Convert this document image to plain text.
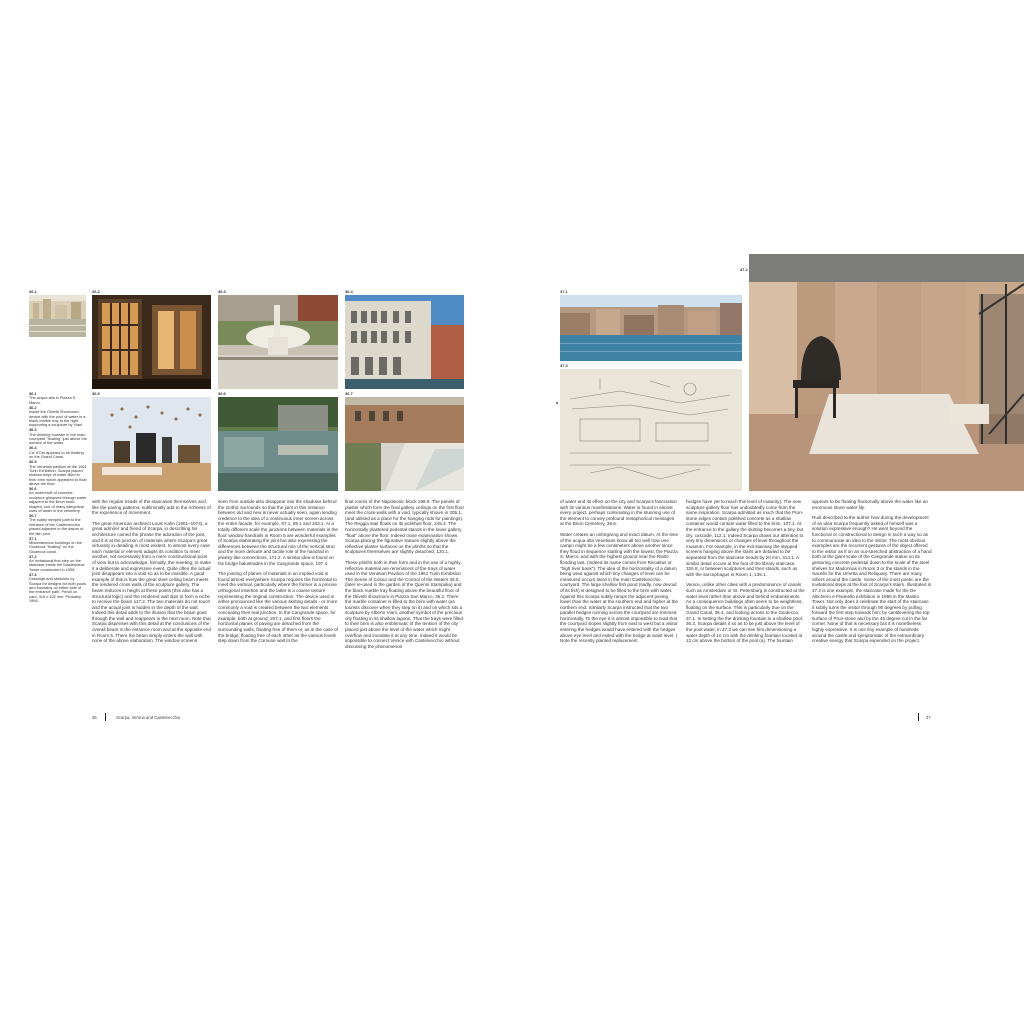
36.1	36.2	36.3	36.4
36.5	36.6	36.7
36.1
The acqua alta in Piazza S. Marco.
36.2
Inside the Olivetti Showroom: device with the pool of water in a black marble tray to the right supporting a sculpture by Viani.
36.3
The drinking fountain in the main courtyard "floating" just above the surface of the water.
36.4
Ca' d'Oro appears to be floating on the Grand Canal.
36.5
The Venetian pavilion at the 1961 Turin Exhibition. Scarpa placed shallow trays of water filled to their brim which appeared to float above the floor.
36.6
An undercroft of concrete sculpture glimpsed through water adjacent to the Brion tomb-shaped, one of many allegorical uses of water in the cemetery.
36.7
The subtly ramped path to the entrance of the Castelvecchio placed adjacent to the datum of the fish pool.
37.1
Miscellaneous buildings on the Giudecca "floating" on the Giudecca canal.
37.2
An invitational first step on the staircase inside the Masterpiece Tower constructed in 1958.
37.3
Drawings and sketches by Scarpa for designs for both pools and fountains on either side of the entrance path. Pencil on card, 316 x 432 mm. Probably 1964.

with the regular treads of the staircases themselves and, like the paving patterns, subliminally add to the richness of the experience of movement.

The great American architect Louis Kahn (1901–1974), a great admirer and friend of Scarpa, in describing his architecture coined the phrase the adoration of the joint, and it is at the junction of materials where Scarpa's great virtuosity in detailing is most evident. In almost every case each material or element adapts its condition to meet another, not necessarily from a mere constructional point of view but to acknowledge, formally, the meeting; to make it a deliberate and expressive event. Quite often the actual joint disappears into a void so as to be invisible. A good example of this is how the great steel ceiling beam meets the rendered cross walls of the sculpture gallery. The beam reduces in height at these points (this also has a structural logic) and the rendered wall dips to form a niche to receive the beam 117.2. The two materials do not touch and the actual joint is hidden in the depth of the wall. Indeed this detail adds to the illusion that the beam goes through the wall and reappears in the next room. Note that Scarpa dispenses with this detail at the conclusions of the overall beam in the entrance room and at the opposite end in Room 5. There the beam simply enters the wall with none of the above elaboration. The window screens

seen from outside also disappear into the shadows behind the Gothic surrounds so that the joint in this instance between old and new is never actually seen, again lending credence to the idea of a continuous inner screen across the entire facade, for example, 67.1, 69.1 and 163.1. At a totally different scale the junctions between materials in the floor window handrails in Room 5 are wonderful examples of Scarpa elaborating the joint but also expressing the differences between the structural role of the vertical strut and the more delicate and tactile role of the handrail in jewelry-like connections, 171.2. A similar idea is found on his bridge balustrades in the Cangrande space, 197.4.

The jointing of planes of materials in an implied void is found almost everywhere Scarpa requires the horizontal to meet the vertical, particularly where the former is a precise orthogonal insertion and the latter is a coarse texture representing the original construction. The device used is either pronounced like the various skirting details - or more commonly a void is created between the two elements concealing their real junction. In the Cangrande space, for example, both at ground, 207.1, and first floors the horizontal planes of paving are detached from the surrounding walls, floating free of them or, as in the case of the bridge, floating free of each other as the various levels step down from the Comune wall to the

final rooms of the Napoleonic block 199.5. The panels of plaster which form the final gallery ceilings on the first floor meet the cross-walls with a void, typically shown in 305.1, (and utilised as a place for the hanging rods for paintings). The Reggia stair floats on its polished floor, 245.3. The horizontally plastered pedestal stands in the lower gallery "float" above the floor. Indeed close examination shows Scarpa placing the figurative statues slightly above the reflective plaster surfaces on the plinths so that the sculptures themselves are slightly detached, 120.1.

These plinths both in their form and in the use of a highly reflective material are reminiscent of the trays of water used in the Venetian Pavilion of the 1961 Turin Exhibition The Sense of Colour and the Control of the Waters 36.5, (later re-used in the garden of the Querini Stampalia) and the black marble tray floating above the beautiful floor of the Olivetti showroom in Piazza San Marco, 36.2. There the marble container is filled to the brim with water (as tourists discover when they step on it) and on which sits a sculpture by Alberto Viani, another symbol of the precious city floating in its shallow lagoon. That the trays were filled to their brim is also emblematic of the tension of the city placed just above the level of the water which might overflow and inundate it at any time. Indeed it would be impossible to connect Venice with Castelvecchio without discussing the phenomenon

36	Scarpa, Verona and Castelvecchio
37.1
37.3
37.2

of water and its effect on the city and Scarpa's fascination with its various manifestations. Water is found in almost every project, perhaps culminating in the stunning use of the element to convey profound metaphorical messages at the Brion Cemetery, 36.6.

Water creates an unforgiving and exact datum. At the time of the acqua alta Venetians know all too well how one campo might be a few centimeters above another since they flood in sequence starting with the lowest, the Piazza S. Marco, and with the highest ground near the Rialto flooding last, (indeed its name comes from Rivoaltus or "high river bank"). The idea of the horizontality of a datum being used against which tiny changes of level can be measured occurs twice in the main Castelvecchio courtyard. The large shallow fish pond (sadly, now devoid of its fish) is designed to be filled to the brim with water. Against this Scarpa subtly ramps the adjacent paving lower than the water at the southern end and higher at the northern end. Similarly Scarpa instructed that the two parallel hedges running across the courtyard are trimmed horizontally. To the eye it is almost impossible to read that the courtyard slopes slightly from east to west but a visitor entering the hedges would have entered with the hedges above eye level and exited with the hedge at waist level. ( Note the recently planted replacement

hedges have yet to reach this level of maturity). The new sculpture gallery floor has undoubtedly come from the same inspiration. Scarpa admitted as much that the Prun-stone edges contain polished concrete as a shallow container would contain water filled to the brim, 107.1. At the entrance to the gallery the skirting becomes a tiny, but dry, cascade, 112.1. Indeed Scarpa draws our attention to very tiny dimensions or changes of level throughout the museum. For example, in the exit stairway the stepped screens hanging above the stairs are detailed to be separated from the staircase treads by 20 mm, 313.1. A similar detail occurs at the foot of the library staircase, 326.8, or between sculptures and their stands, such as with the sarcophagus in Room 1, 135.1.

Venice, unlike other cities with a predominance of canals such as Amsterdam or St. Petersburg is constructed at the water level rather than above and behind embankments. As a consequence buildings often seem to be weightless, floating on the surface. This is particularly true on the Grand Canal, 36.4, and looking across to the Giudecca, 37.1. In setting the the drinking fountain in a shallow pool, 36.3, Scarpa details it so as to be just above the level of the pool water, in 37.3 we can see him dimensioning a water depth of 10 cm with the drinking fountain located at 12 cm above the bottom of the pool (a). The fountain

appears to be floating fractionally above the water like an enormous stone water lily.

Rudi described to the author how during the development of an idea Scarpa frequently asked of himself was a solution expressive enough? He went beyond the functional or constructional to design in such a way so as to communicate an idea to the visitor. The most obvious examples are the recurrent gestures of the object offered to the visitor as if on an out-stretched abstraction of a hand both at the giant scale of the Cangrande statue on its gesturing concrete pedestal down to the scale of the steel shelves for Madonnas in Room 3 or the stands in the Sacello for the Urnetta and Reliquary. There are many others around the castle. Some of the most poetic are the invitational steps at the foot of Scarpa's stairs. Illustrated in 37.2 is one example, the staircase made for the De Altichiero e Pisanello exhibition in 1958 in the Mastio Tower. Not only does it celebrate the start of the staircase it subtly turns the visitor through 90 degrees by pulling forward the first step towards him; by cantilevering the top surface of Prun-stone and by the 45 degree cut in the far corner. None of that is necessary but it is nonetheless highly expressive. It is one tiny example of hundreds around the castle and symptomatic of the extraordinary creative energy that Scarpa expended on the project.

37
